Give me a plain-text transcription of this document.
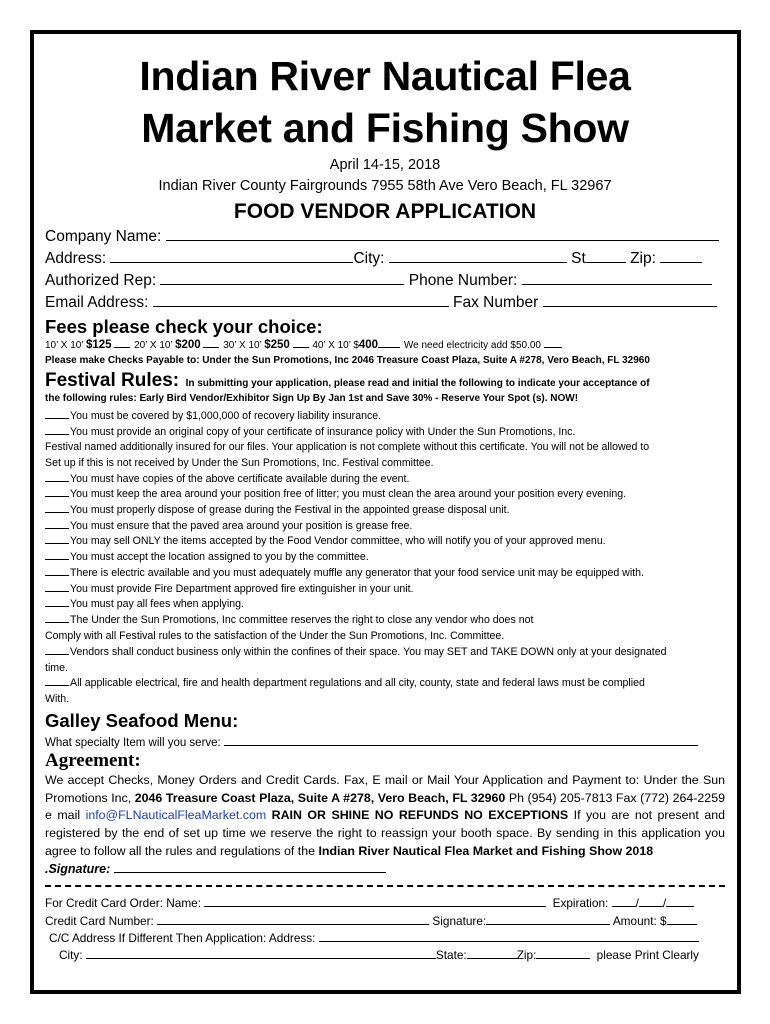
Indian River Nautical Flea
Market and Fishing Show
April 14-15, 2018
Indian River County Fairgrounds 7955 58th Ave Vero Beach, FL 32967
FOOD VENDOR APPLICATION
Company Name:
Address:	City:	St	Zip:
Authorized Rep:	Phone Number:
Email Address:	Fax Number
Fees please check your choice:
10’ X 10’ $125 20’ X 10’ $200 30’ X 10’ $250 40’ X 10’ $400	We need electricity add $50.00
Please make Checks Payable to: Under the Sun Promotions, Inc 2046 Treasure Coast Plaza, Suite A #278, Vero Beach, FL 32960
Festival Rules: In submitting your application, please read and initial the following to indicate your acceptance of
the following rules: Early Bird Vendor/Exhibitor Sign Up By Jan 1st and Save 30% - Reserve Your Spot (s). NOW!
You must be covered by $1,000,000 of recovery liability insurance.
You must provide an original copy of your certificate of insurance policy with Under the Sun Promotions, Inc.
Festival named additionally insured for our files. Your application is not complete without this certificate. You will not be allowed to
Set up if this is not received by Under the Sun Promotions, Inc. Festival committee.
You must have copies of the above certificate available during the event.
You must keep the area around your position free of litter; you must clean the area around your position every evening.
You must properly dispose of grease during the Festival in the appointed grease disposal unit.
You must ensure that the paved area around your position is grease free.
You may sell ONLY the items accepted by the Food Vendor committee, who will notify you of your approved menu.
You must accept the location assigned to you by the committee.
There is electric available and you must adequately muffle any generator that your food service unit may be equipped with.
You must provide Fire Department approved fire extinguisher in your unit.
You must pay all fees when applying.
The Under the Sun Promotions, Inc committee reserves the right to close any vendor who does not
Comply with all Festival rules to the satisfaction of the Under the Sun Promotions, Inc. Committee.
Vendors shall conduct business only within the confines of their space. You may SET and TAKE DOWN only at your designated
time.
All applicable electrical, fire and health department regulations and all city, county, state and federal laws must be complied
With.
Galley Seafood Menu:
What specialty Item will you serve:
Agreement:
We accept Checks, Money Orders and Credit Cards. Fax, E mail or Mail Your Application and Payment to: Under the Sun Promotions Inc, 2046 Treasure Coast Plaza, Suite A #278, Vero Beach, FL 32960 Ph (954) 205-7813 Fax (772) 264-2259 e mail info@FLNauticalFleaMarket.com RAIN OR SHINE NO REFUNDS NO EXCEPTIONS If you are not present and registered by the end of set up time we reserve the right to reassign your booth space. By sending in this application you agree to follow all the rules and regulations of the Indian River Nautical Flea Market and Fishing Show 2018
.Signature:
For Credit Card Order: Name:	Expiration: / /
Credit Card Number:	Signature:	Amount: $
C/C Address If Different Then Application: Address:
City:	State:	Zip:	please Print Clearly
